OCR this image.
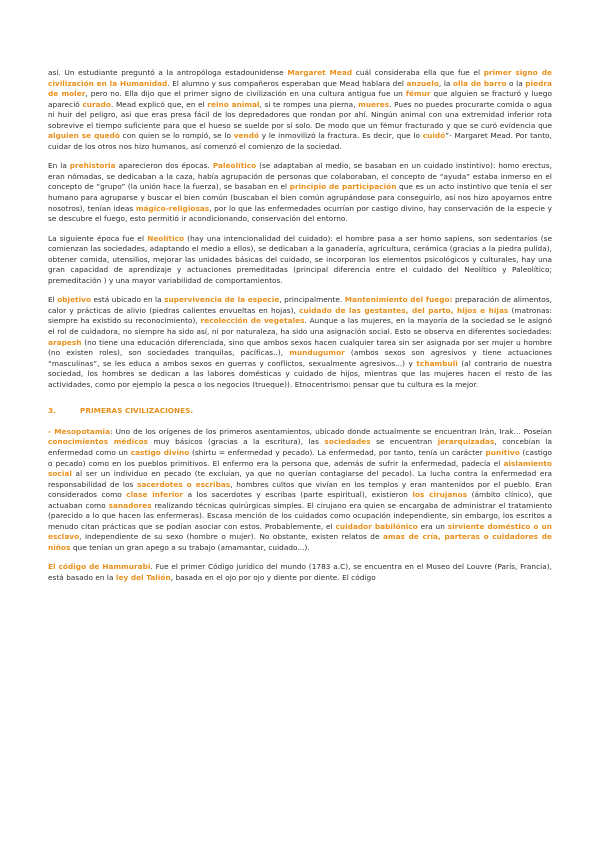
así. Un estudiante preguntó a la antropóloga estadounidense Margaret Mead cuál consideraba ella que fue el primer signo de civilización en la Humanidad. El alumno y sus compañeros esperaban que Mead hablara del anzuelo, la olla de barro o la piedra de moler, pero no. Ella dijo que el primer signo de civilización en una cultura antigua fue un fémur que alguien se fracturó y luego apareció curado. Mead explicó que, en el reino animal, si te rompes una pierna, mueres. Pues no puedes procurarte comida o agua ni huir del peligro, así que eras presa fácil de los depredadores que rondan por ahí. Ningún animal con una extremidad inferior rota sobrevive el tiempo suficiente para que el hueso se suelde por sí solo. De modo que un fémur fracturado y que se curó evidencia que alguien se quedó con quien se lo rompió, se lo vendó y le inmovilizó la fractura. Es decir, que lo cuidó”- Margaret Mead. Por tanto, cuidar de los otros nos hizo humanos, así comenzó el comienzo de la sociedad.

En la prehistoria aparecieron dos épocas. Paleolítico (se adaptaban al medio, se basaban en un cuidado instintivo): homo erectus, eran nómadas, se dedicaban a la caza, había agrupación de personas que colaboraban, el concepto de “ayuda” estaba inmerso en el concepto de “grupo” (la unión hace la fuerza), se basaban en el principio de participación que es un acto instintivo que tenía el ser humano para agruparse y buscar el bien común (buscaban el bien común agrupándose para conseguirlo, así nos hizo apoyarnos entre nosotros), tenían ideas mágico-religiosas, por lo que las enfermedades ocurrían por castigo divino, hay conservación de la especie y se descubre el fuego, esto permitió ir acondicionando, conservación del entorno.

La siguiente época fue el Neolítico (hay una intencionalidad del cuidado): el hombre pasa a ser homo sapiens, son sedentarios (se comienzan las sociedades, adaptando el medio a ellos), se dedicaban a la ganadería, agricultura, cerámica (gracias a la piedra pulida), obtener comida, utensilios, mejorar las unidades básicas del cuidado, se incorporan los elementos psicológicos y culturales, hay una gran capacidad de aprendizaje y actuaciones premeditadas (principal diferencia entre el cuidado del Neolítico y Paleolítico; premeditación ) y una mayor variabilidad de comportamientos.

El objetivo está ubicado en la supervivencia de la especie, principalmente. Mantenimiento del fuego: preparación de alimentos, calor y prácticas de alivio (piedras calientes envueltas en hojas), cuidado de las gestantes, del parto, hijos e hijas (matronas: siempre ha existido su reconocimiento), recolección de vegetales. Aunque a las mujeres, en la mayoría de la sociedad se le asignó el rol de cuidadora, no siempre ha sido así, ni por naturaleza, ha sido una asignación social. Esto se observa en diferentes sociedades: arapesh (no tiene una educación diferenciada, sino que ambos sexos hacen cualquier tarea sin ser asignada por ser mujer u hombre (no existen roles), son sociedades tranquilas, pacíficas..), mundugumor (ambos sexos son agresivos y tiene actuaciones “masculinas”, se les educa a ambos sexos en guerras y conflictos, sexualmente agresivos...) y tchambuli (al contrario de nuestra sociedad, los hombres se dedican a las labores domésticas y cuidado de hijos, mientras que las mujeres hacen el resto de las actividades, como por ejemplo la pesca o los negocios (trueque)). Etnocentrismo: pensar que tu cultura es la mejor.

3.	PRIMERAS CIVILIZACIONES.

- Mesopotamia: Uno de los orígenes de los primeros asentamientos, ubicado donde actualmente se encuentran Irán, Irak... Poseían conocimientos médicos muy básicos (gracias a la escritura), las sociedades se encuentran jerarquizadas, concebían la enfermedad como un castigo divino (shirtu = enfermedad y pecado). La enfermedad, por tanto, tenía un carácter punitivo (castigo o pecado) como en los pueblos primitivos. El enfermo era la persona que, además de sufrir la enfermedad, padecía el aislamiento social al ser un individuo en pecado (te excluían, ya que no querían contagiarse del pecado). La lucha contra la enfermedad era responsabilidad de los sacerdotes o escribas, hombres cultos que vivían en los templos y eran mantenidos por el pueblo. Eran considerados como clase inferior a los sacerdotes y escribas (parte espiritual), existieron los cirujanos (ámbito clínico), que actuaban como sanadores realizando técnicas quirúrgicas simples. El cirujano era quien se encargaba de administrar el tratamiento (parecido a lo que hacen las enfermeras). Escasa mención de los cuidados como ocupación independiente, sin embargo, los escritos a menudo citan prácticas que se podían asociar con estos. Probablemente, el cuidador babilónico era un sirviente doméstico o un esclavo, independiente de su sexo (hombre o mujer). No obstante, existen relatos de amas de cría, parteras o cuidadores de niños que tenían un gran apego a su trabajo (amamantar, cuidado...).

El código de Hammurabi. Fue el primer Código jurídico del mundo (1783 a.C), se encuentra en el Museo del Louvre (París, Francia), está basado en la ley del Talión, basada en el ojo por ojo y diente por diente. El código
